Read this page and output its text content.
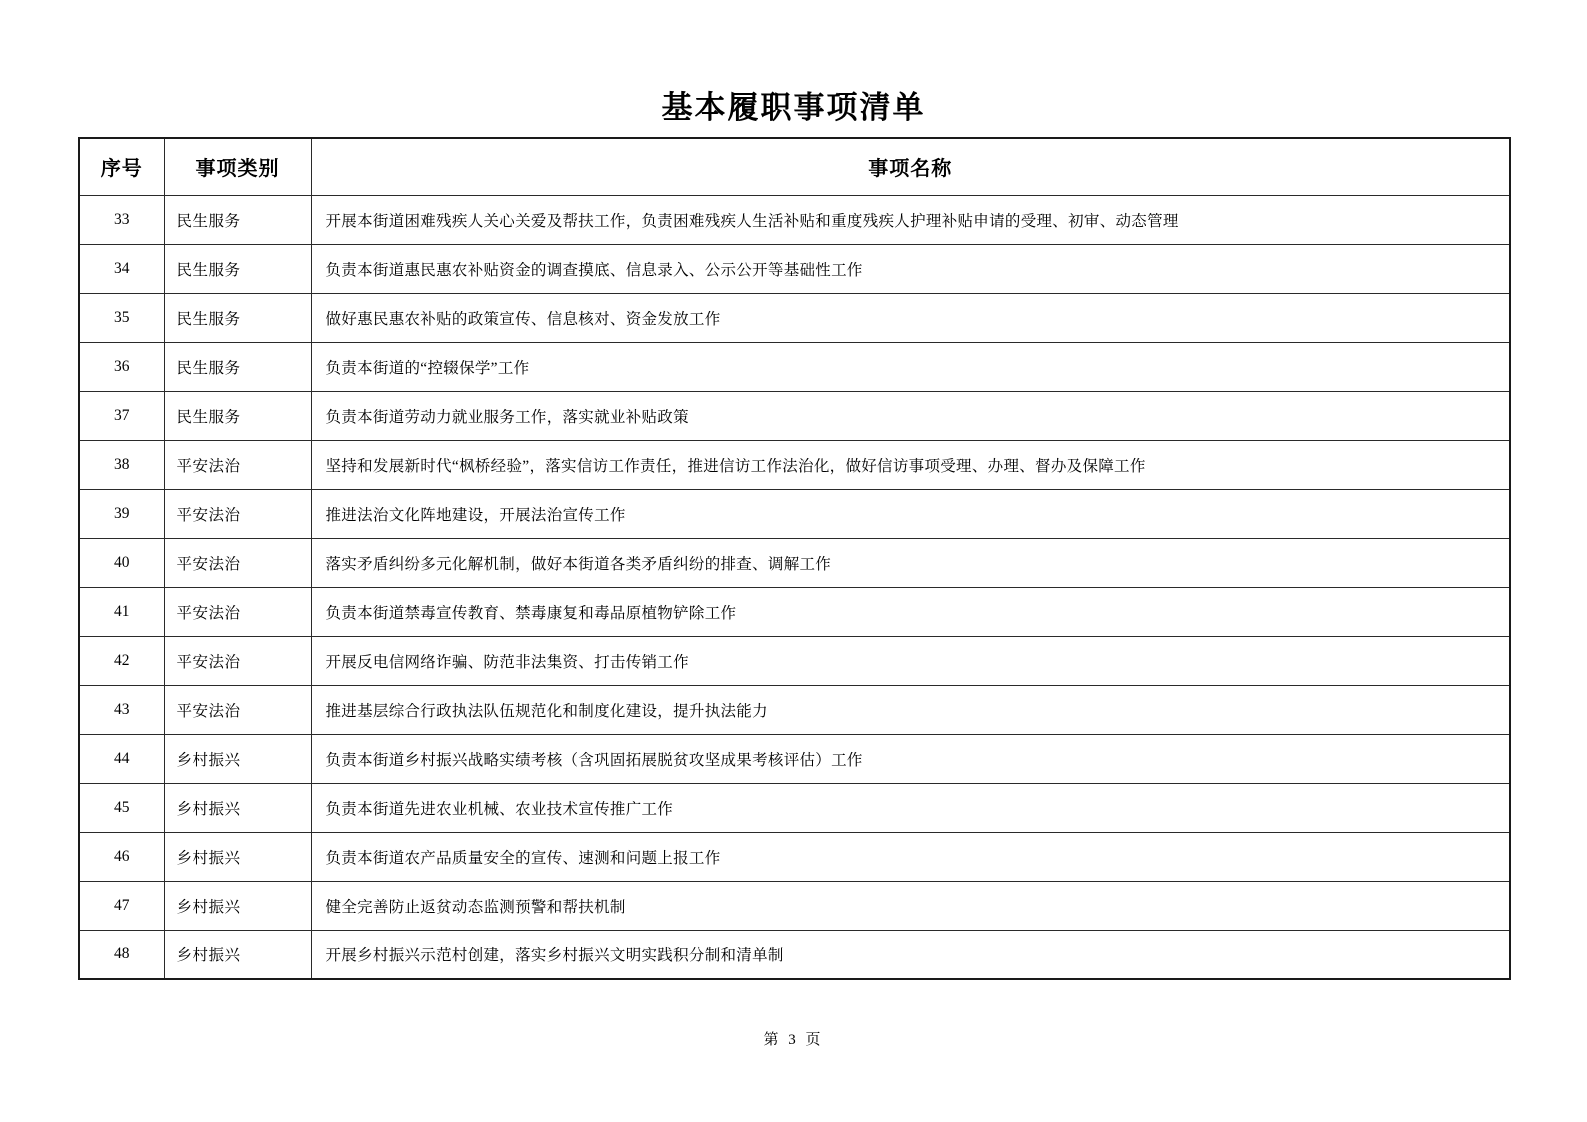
基本履职事项清单
序号	事项类别	事项名称
33	民生服务	开展本街道困难残疾人关心关爱及帮扶工作，负责困难残疾人生活补贴和重度残疾人护理补贴申请的受理、初审、动态管理
34	民生服务	负责本街道惠民惠农补贴资金的调查摸底、信息录入、公示公开等基础性工作
35	民生服务	做好惠民惠农补贴的政策宣传、信息核对、资金发放工作
36	民生服务	负责本街道的“控辍保学”工作
37	民生服务	负责本街道劳动力就业服务工作，落实就业补贴政策
38	平安法治	坚持和发展新时代“枫桥经验”，落实信访工作责任，推进信访工作法治化，做好信访事项受理、办理、督办及保障工作
39	平安法治	推进法治文化阵地建设，开展法治宣传工作
40	平安法治	落实矛盾纠纷多元化解机制，做好本街道各类矛盾纠纷的排查、调解工作
41	平安法治	负责本街道禁毒宣传教育、禁毒康复和毒品原植物铲除工作
42	平安法治	开展反电信网络诈骗、防范非法集资、打击传销工作
43	平安法治	推进基层综合行政执法队伍规范化和制度化建设，提升执法能力
44	乡村振兴	负责本街道乡村振兴战略实绩考核（含巩固拓展脱贫攻坚成果考核评估）工作
45	乡村振兴	负责本街道先进农业机械、农业技术宣传推广工作
46	乡村振兴	负责本街道农产品质量安全的宣传、速测和问题上报工作
47	乡村振兴	健全完善防止返贫动态监测预警和帮扶机制
48	乡村振兴	开展乡村振兴示范村创建，落实乡村振兴文明实践积分制和清单制
第 3 页
